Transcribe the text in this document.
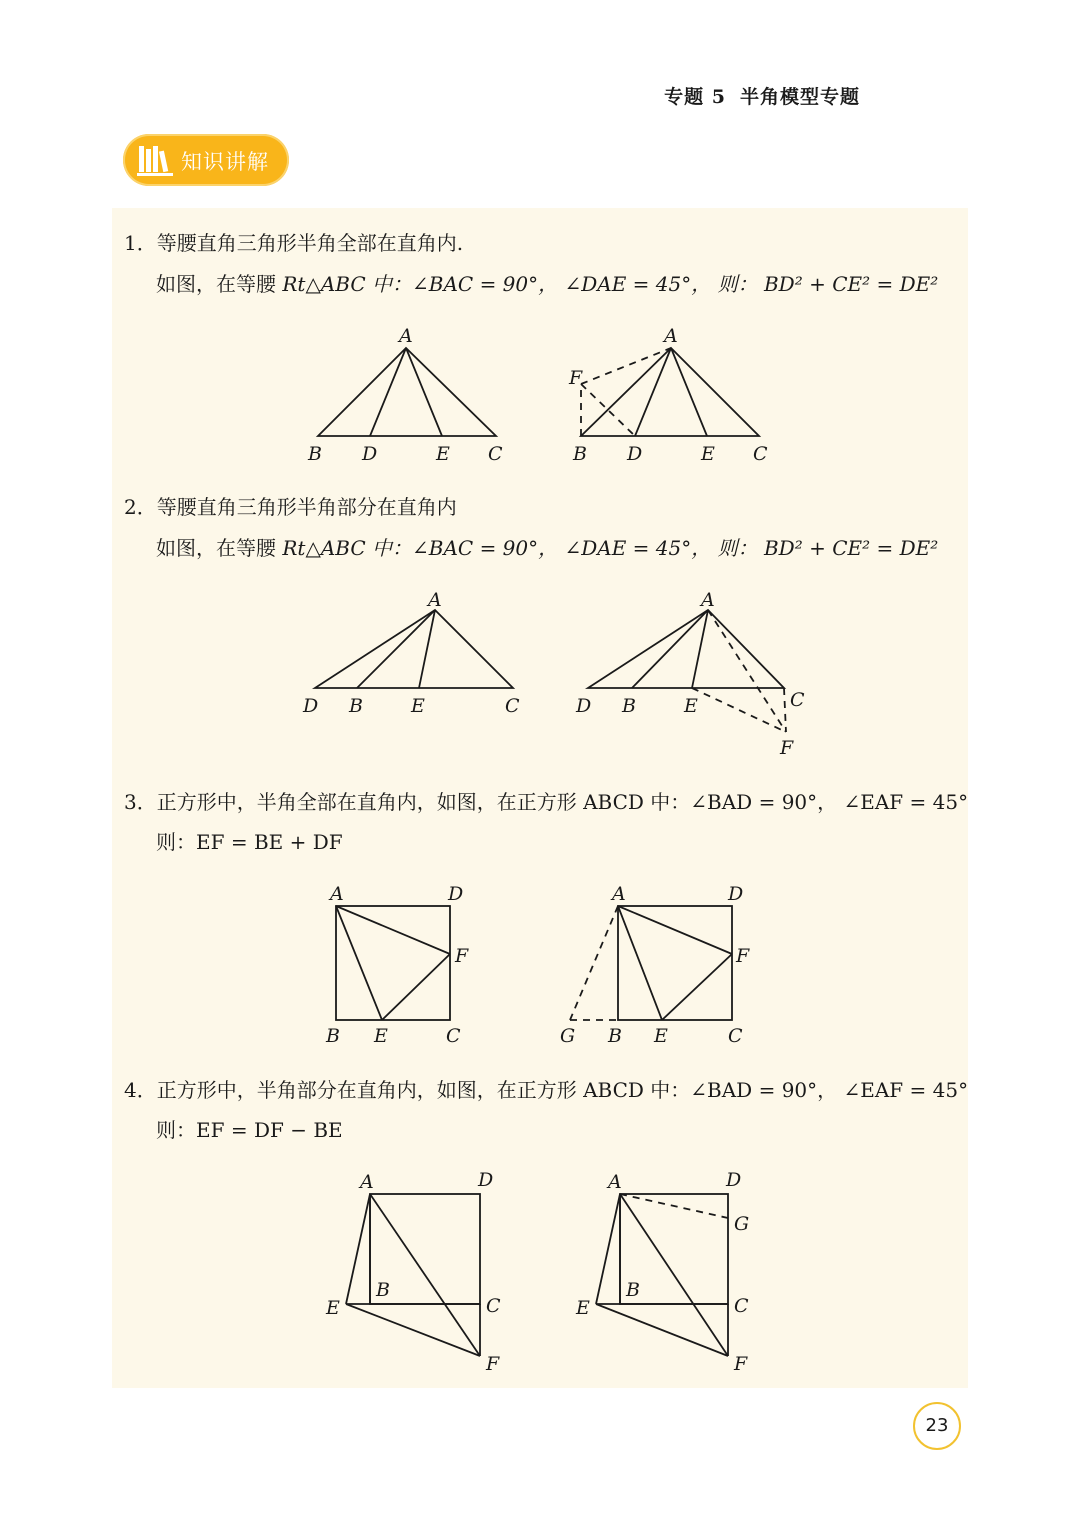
专题 5 半角模型专题
知识讲解
1．等腰直角三角形半角全部在直角内.
如图，在等腰 Rt△ABC 中：∠BAC = 90°， ∠DAE = 45°， 则： BD² + CE² = DE²
A
B D	E C
A
F
B D	E C
2．等腰直角三角形半角部分在直角内
如图，在等腰 Rt△ABC 中：∠BAC = 90°， ∠DAE = 45°， 则： BD² + CE² = DE²
A
D B	E	C
A
D B	E	C
F
3．正方形中，半角全部在直角内，如图，在正方形 ABCD 中：∠BAD = 90°， ∠EAF = 45°
则：EF = BE + DF
A	D
F
B E	C
A	D
F
G B E	C
4．正方形中，半角部分在直角内，如图，在正方形 ABCD 中：∠BAD = 90°， ∠EAF = 45°
则：EF = DF − BE
A	D
B
C
E
F
A	D
G
B
C
E
F
23
